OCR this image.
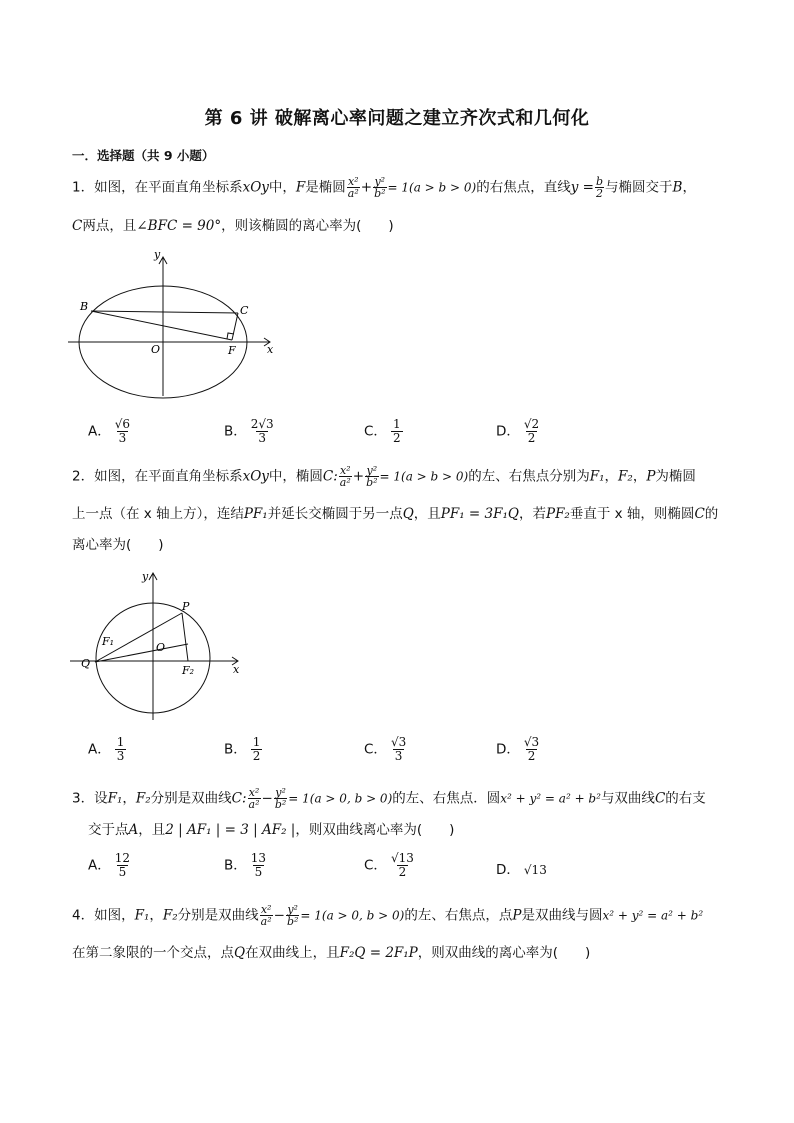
第 6 讲 破解离心率问题之建立齐次式和几何化
一．选择题（共 9 小题）
1．如图，在平面直角坐标系xOy中，F是椭圆 $\frac{\text{x²}}{\text{a²}} + \frac{\text{y²}}{\text{b²}} = 1(a > b > 0)$的右焦点，直线$y = \frac{b}{2}$ 与椭圆交于B，
C两点，且∠BFC = 90°，则该椭圆的离心率为(　　)
y
x
B	C
O	F
A． $\frac{√6}{3}$	B． $\frac{2√3}{3}$	C． $\frac{1}{2}$	D． $\frac{√2}{2}$
2．如图，在平面直角坐标系xOy中，椭圆C: $\frac{\text{x²}}{\text{a²}} + \frac{\text{y²}}{\text{b²}} = 1(a > b > 0)$的左、右焦点分别为F₁，F₂，P为椭圆
上一点（在 x 轴上方），连结PF₁并延长交椭圆于另一点Q，且PF₁ = 3F₁Q，若PF₂垂直于 x 轴，则椭圆C的
离心率为(　　)
y
x
P
F₁	O
Q
F₂
A． $\frac{1}{3}$	B． $\frac{1}{2}$	C． $\frac{√3}{3}$	D． $\frac{√3}{2}$
3．设F₁，F₂分别是双曲线C: $\frac{\text{x²}}{\text{a²}} - \frac{\text{y²}}{\text{b²}} = 1(a > 0$, b > 0)的左、右焦点．圆x² + y² = a² + b²与双曲线C的右支
交于点A，且2 | AF₁ | = 3 | AF₂ |，则双曲线离心率为(　　)
A． $\frac{12}{5}$	B． $\frac{13}{5}$	C． $\frac{√13}{2}$	D． √13
4．如图，F₁，F₂分别是双曲线 $\frac{\text{x²}}{\text{a²}} - \frac{\text{y²}}{\text{b²}} = 1(a > 0$, b > 0)的左、右焦点，点P是双曲线与圆x² + y² = a² + b²
在第二象限的一个交点，点Q在双曲线上，且F₂Q = 2F₁P，则双曲线的离心率为(　　)
